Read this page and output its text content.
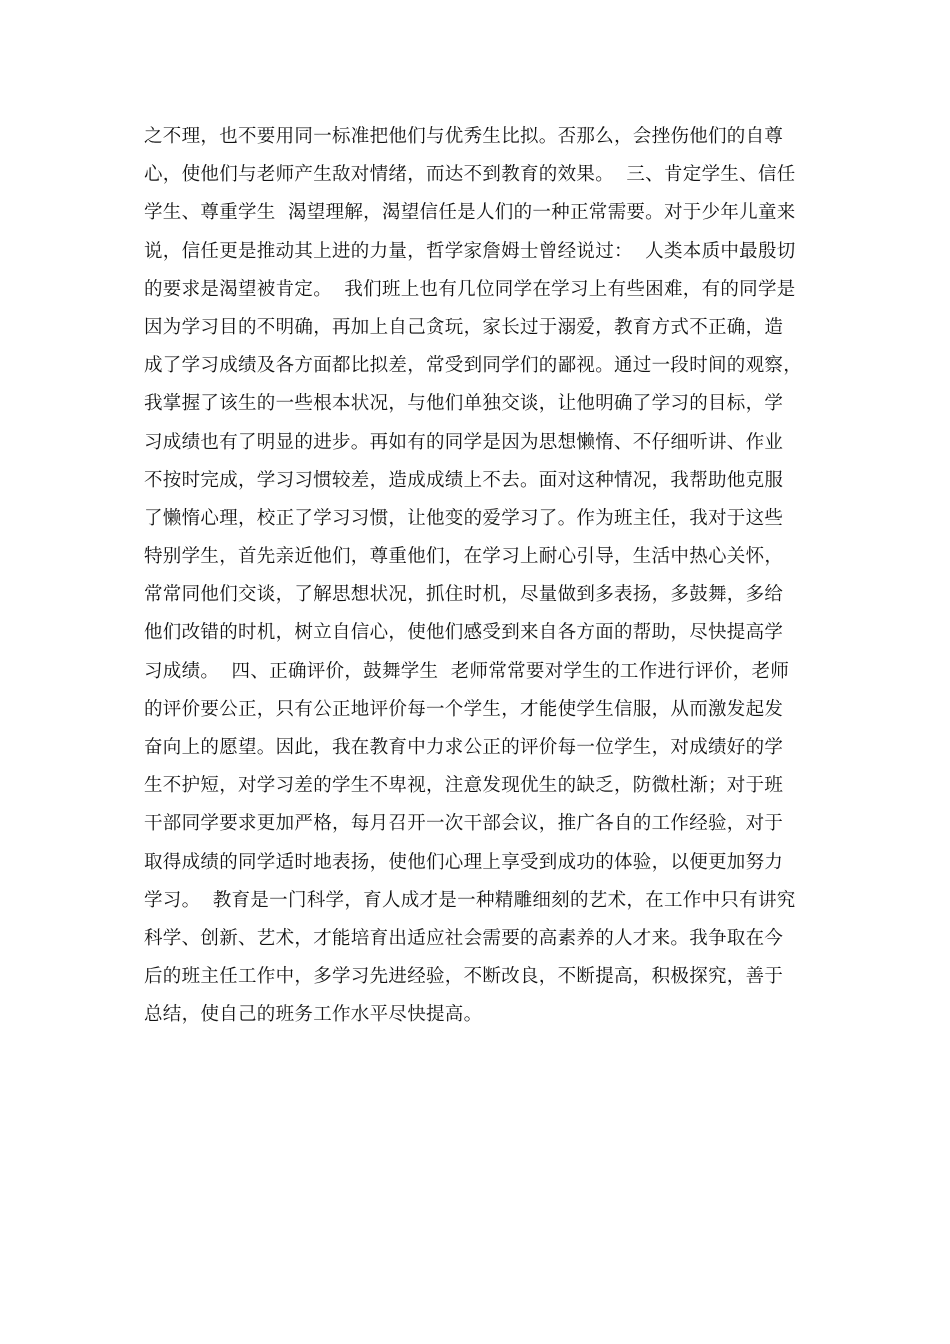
之不理，也不要用同一标准把他们与优秀生比拟。否那么，会挫伤他们的自尊
心，使他们与老师产生敌对情绪，而达不到教育的效果。  三、肯定学生、信任
学生、尊重学生  渴望理解，渴望信任是人们的一种正常需要。对于少年儿童来
说，信任更是推动其上进的力量，哲学家詹姆士曾经说过：  人类本质中最殷切
的要求是渴望被肯定。  我们班上也有几位同学在学习上有些困难，有的同学是
因为学习目的不明确，再加上自己贪玩，家长过于溺爱，教育方式不正确，造
成了学习成绩及各方面都比拟差，常受到同学们的鄙视。通过一段时间的观察，
我掌握了该生的一些根本状况，与他们单独交谈，让他明确了学习的目标，学
习成绩也有了明显的进步。再如有的同学是因为思想懒惰、不仔细听讲、作业
不按时完成，学习习惯较差，造成成绩上不去。面对这种情况，我帮助他克服
了懒惰心理，校正了学习习惯，让他变的爱学习了。作为班主任，我对于这些
特别学生，首先亲近他们，尊重他们，在学习上耐心引导，生活中热心关怀，
常常同他们交谈，了解思想状况，抓住时机，尽量做到多表扬，多鼓舞，多给
他们改错的时机，树立自信心，使他们感受到来自各方面的帮助，尽快提高学
习成绩。  四、正确评价，鼓舞学生  老师常常要对学生的工作进行评价，老师
的评价要公正，只有公正地评价每一个学生，才能使学生信服，从而激发起发
奋向上的愿望。因此，我在教育中力求公正的评价每一位学生，对成绩好的学
生不护短，对学习差的学生不卑视，注意发现优生的缺乏，防微杜渐；对于班
干部同学要求更加严格，每月召开一次干部会议，推广各自的工作经验，对于
取得成绩的同学适时地表扬，使他们心理上享受到成功的体验，以便更加努力
学习。  教育是一门科学，育人成才是一种精雕细刻的艺术，在工作中只有讲究
科学、创新、艺术，才能培育出适应社会需要的高素养的人才来。我争取在今
后的班主任工作中，多学习先进经验，不断改良，不断提高，积极探究，善于
总结，使自己的班务工作水平尽快提高。
